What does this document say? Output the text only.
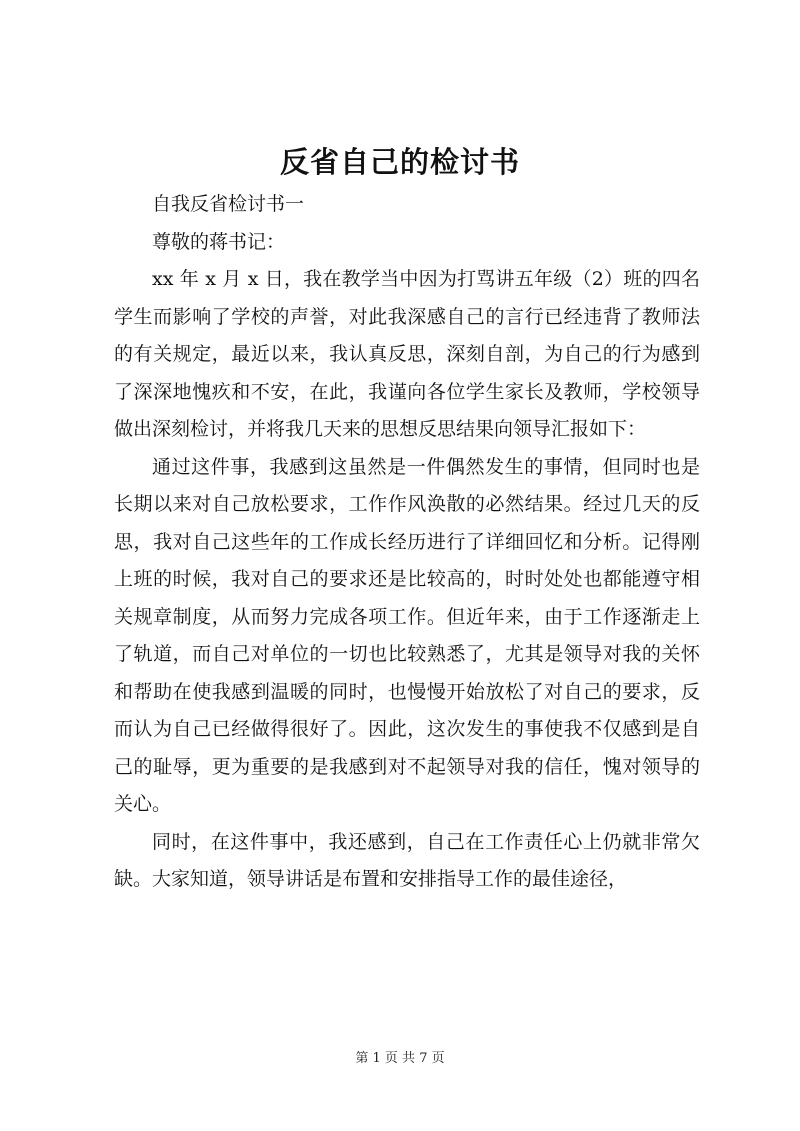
反省自己的检讨书

自我反省检讨书一

尊敬的蒋书记：

xx 年 x 月 x 日，我在教学当中因为打骂讲五年级（2）班的四名学生而影响了学校的声誉，对此我深感自己的言行已经违背了教师法的有关规定，最近以来，我认真反思，深刻自剖，为自己的行为感到了深深地愧疚和不安，在此，我谨向各位学生家长及教师，学校领导做出深刻检讨，并将我几天来的思想反思结果向领导汇报如下：

通过这件事，我感到这虽然是一件偶然发生的事情，但同时也是长期以来对自己放松要求，工作作风涣散的必然结果。经过几天的反思，我对自己这些年的工作成长经历进行了详细回忆和分析。记得刚上班的时候，我对自己的要求还是比较高的，时时处处也都能遵守相关规章制度，从而努力完成各项工作。但近年来，由于工作逐渐走上了轨道，而自己对单位的一切也比较熟悉了，尤其是领导对我的关怀和帮助在使我感到温暖的同时，也慢慢开始放松了对自己的要求，反而认为自己已经做得很好了。因此，这次发生的事使我不仅感到是自己的耻辱，更为重要的是我感到对不起领导对我的信任，愧对领导的关心。

同时，在这件事中，我还感到，自己在工作责任心上仍就非常欠缺。大家知道，领导讲话是布置和安排指导工作的最佳途径，

第 1 页 共 7 页
